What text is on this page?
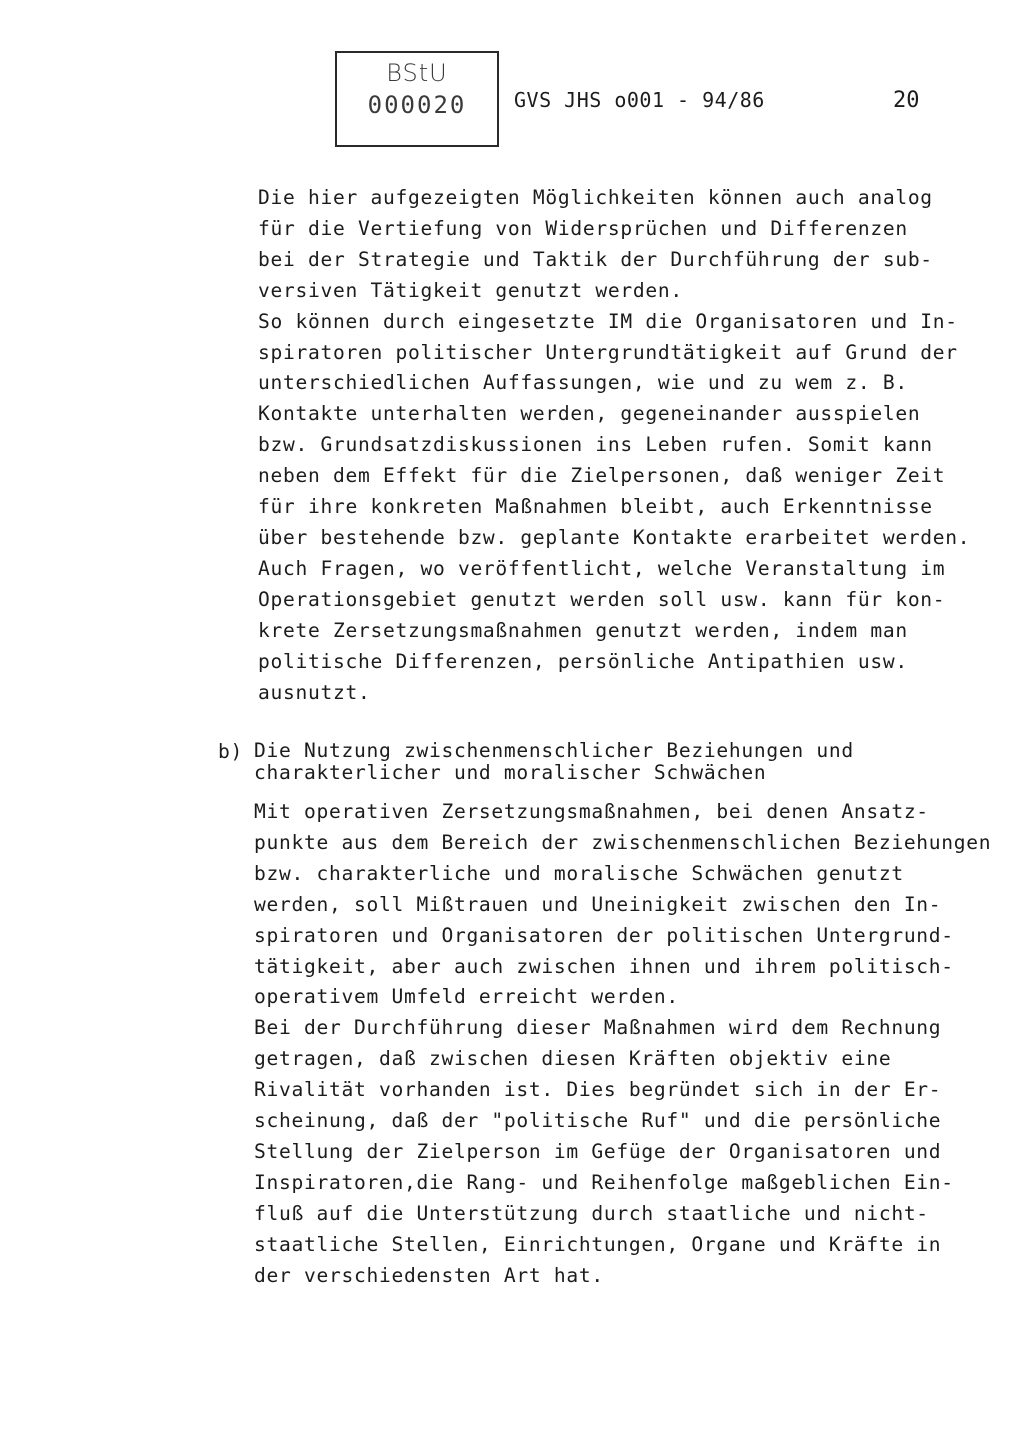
BStU
000020	GVS JHS o001 - 94/86	20

Die hier aufgezeigten Möglichkeiten können auch analog
für die Vertiefung von Widersprüchen und Differenzen
bei der Strategie und Taktik der Durchführung der sub-
versiven Tätigkeit genutzt werden.
So können durch eingesetzte IM die Organisatoren und In-
spiratoren politischer Untergrundtätigkeit auf Grund der
unterschiedlichen Auffassungen, wie und zu wem z. B.
Kontakte unterhalten werden, gegeneinander ausspielen
bzw. Grundsatzdiskussionen ins Leben rufen. Somit kann
neben dem Effekt für die Zielpersonen, daß weniger Zeit
für ihre konkreten Maßnahmen bleibt, auch Erkenntnisse
über bestehende bzw. geplante Kontakte erarbeitet werden.
Auch Fragen, wo veröffentlicht, welche Veranstaltung im
Operationsgebiet genutzt werden soll usw. kann für kon-
krete Zersetzungsmaßnahmen genutzt werden, indem man
politische Differenzen, persönliche Antipathien usw.
ausnutzt.

b) Die Nutzung zwischenmenschlicher Beziehungen und
charakterlicher und moralischer Schwächen

Mit operativen Zersetzungsmaßnahmen, bei denen Ansatz-
punkte aus dem Bereich der zwischenmenschlichen Beziehungen
bzw. charakterliche und moralische Schwächen genutzt
werden, soll Mißtrauen und Uneinigkeit zwischen den In-
spiratoren und Organisatoren der politischen Untergrund-
tätigkeit, aber auch zwischen ihnen und ihrem politisch-
operativem Umfeld erreicht werden.
Bei der Durchführung dieser Maßnahmen wird dem Rechnung
getragen, daß zwischen diesen Kräften objektiv eine
Rivalität vorhanden ist. Dies begründet sich in der Er-
scheinung, daß der "politische Ruf" und die persönliche
Stellung der Zielperson im Gefüge der Organisatoren und
Inspiratoren,die Rang- und Reihenfolge maßgeblichen Ein-
fluß auf die Unterstützung durch staatliche und nicht-
staatliche Stellen, Einrichtungen, Organe und Kräfte in
der verschiedensten Art hat.
